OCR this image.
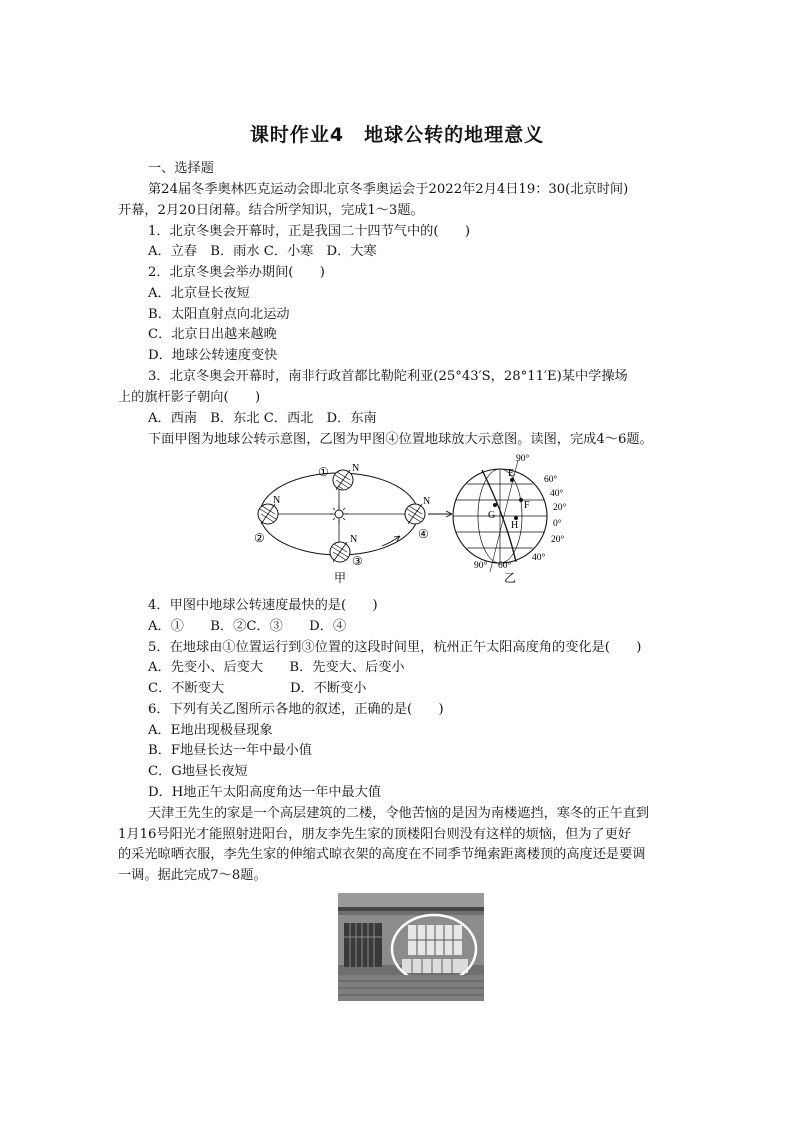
课时作业4　地球公转的地理意义
一、选择题
第24届冬季奥林匹克运动会即北京冬季奥运会于2022年2月4日19：30(北京时间)
开幕，2月20日闭幕。结合所学知识，完成1～3题。
1．北京冬奥会开幕时，正是我国二十四节气中的(　　)
A．立春　B．雨水 C．小寒　D．大寒
2．北京冬奥会举办期间(　　)
A．北京昼长夜短
B．太阳直射点向北运动
C．北京日出越来越晚
D．地球公转速度变快
3．北京冬奥会开幕时，南非行政首都比勒陀利亚(25°43′S，28°11′E)某中学操场
上的旗杆影子朝向(　　)
A．西南　B．东北 C．西北　D．东南
下面甲图为地球公转示意图，乙图为甲图④位置地球放大示意图。读图，完成4～6题。
① N
②
N
③
N	④
N
甲
E
F
G
H
90°
60°
40°
20°
0°
20°
40°
60°
90°
乙
4．甲图中地球公转速度最快的是(　　)
A．①　　B．②C．③　　D．④
5．在地球由①位置运行到③位置的这段时间里，杭州正午太阳高度角的变化是(　　)
A．先变小、后变大　　B．先变大、后变小
C．不断变大　　　　　D．不断变小
6．下列有关乙图所示各地的叙述，正确的是(　　)
A．E地出现极昼现象
B．F地昼长达一年中最小值
C．G地昼长夜短
D．H地正午太阳高度角达一年中最大值
天津王先生的家是一个高层建筑的二楼，令他苦恼的是因为南楼遮挡，寒冬的正午直到
1月16号阳光才能照射进阳台，朋友李先生家的顶楼阳台则没有这样的烦恼，但为了更好
的采光晾晒衣服，李先生家的伸缩式晾衣架的高度在不同季节绳索距离楼顶的高度还是要调
一调。据此完成7～8题。
